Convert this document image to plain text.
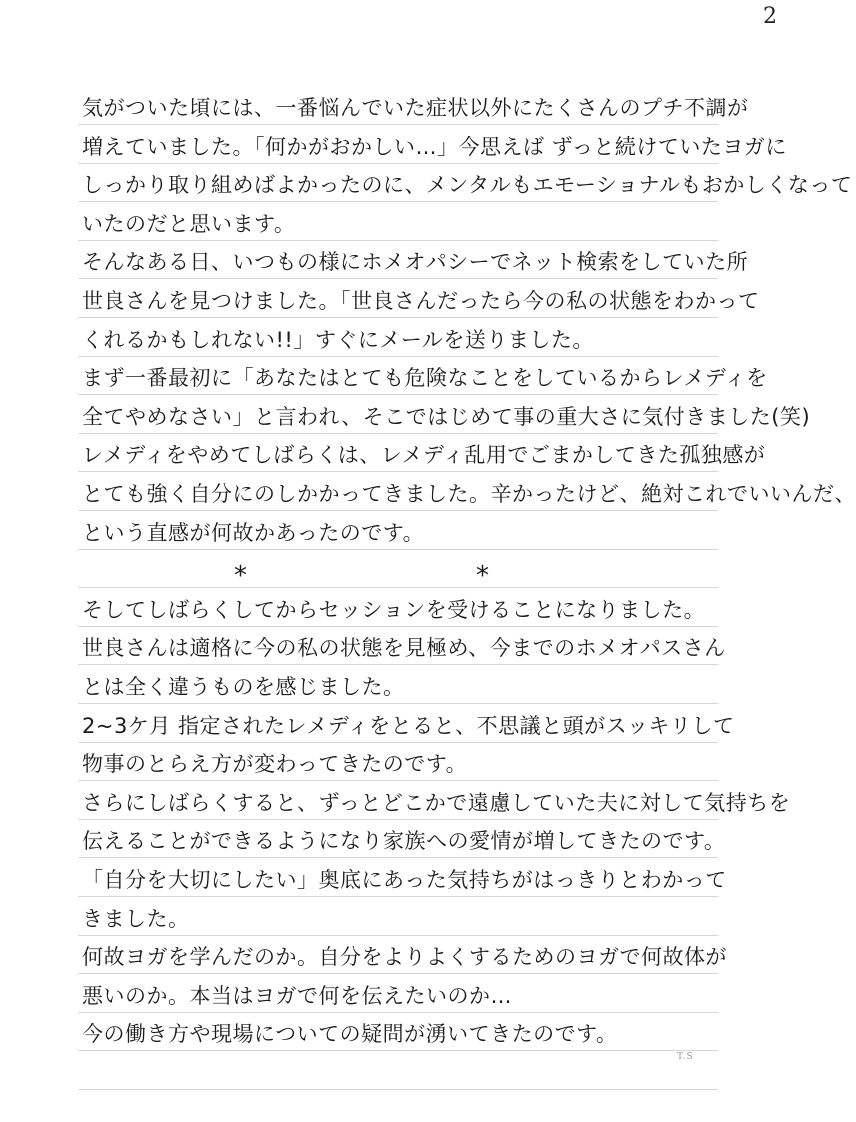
2
気がついた頃には、一番悩んでいた症状以外にたくさんのプチ不調が
増えていました。「何かがおかしい…」今思えば ずっと続けていたヨガに
しっかり取り組めばよかったのに、メンタルもエモーショナルもおかしくなって
いたのだと思います。
そんなある日、いつもの様にホメオパシーでネット検索をしていた所
世良さんを見つけました。「世良さんだったら今の私の状態をわかって
くれるかもしれない!!」すぐにメールを送りました。
まず一番最初に「あなたはとても危険なことをしているからレメディを
全てやめなさい」と言われ、そこではじめて事の重大さに気付きました(笑)
レメディをやめてしばらくは、レメディ乱用でごまかしてきた孤独感が
とても強く自分にのしかかってきました。辛かったけど、絶対これでいいんだ、
という直感が何故かあったのです。
そしてしばらくしてからセッションを受けることになりました。
世良さんは適格に今の私の状態を見極め、今までのホメオパスさん
とは全く違うものを感じました。
2~3ケ月 指定されたレメディをとると、不思議と頭がスッキリして
物事のとらえ方が変わってきたのです。
さらにしばらくすると、ずっとどこかで遠慮していた夫に対して気持ちを
伝えることができるようになり家族への愛情が増してきたのです。
「自分を大切にしたい」奥底にあった気持ちがはっきりとわかって
きました。
何故ヨガを学んだのか。自分をよりよくするためのヨガで何故体が
悪いのか。本当はヨガで何を伝えたいのか…
今の働き方や現場についての疑問が湧いてきたのです。
*	*
T.S
